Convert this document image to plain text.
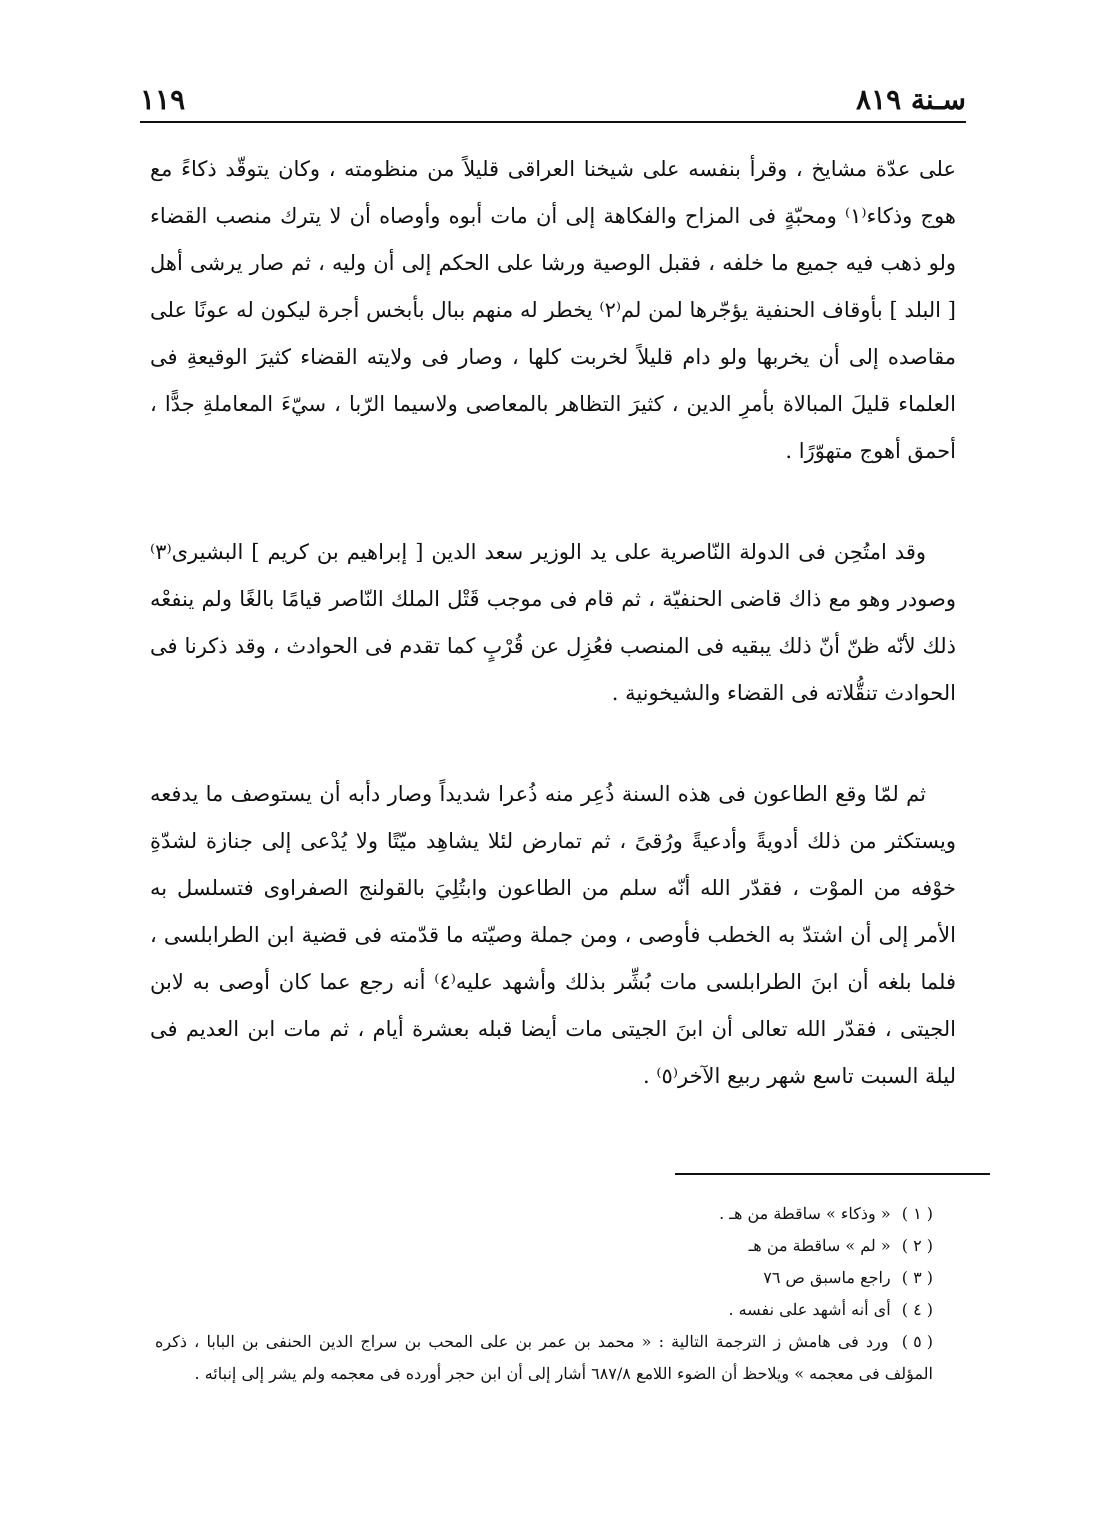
سـنة ٨١٩
١١٩

على عدّة مشايخ ، وقرأ بنفسه على شيخنا العراقى قليلاً من منظومته ، وكان يتوقّد ذكاءً مع هوج وذكاء⁽١⁾ ومحبّةٍ فى المزاح والفكاهة إلى أن مات أبوه وأوصاه أن لا يترك منصب القضاء ولو ذهب فيه جميع ما خلفه ، فقبل الوصية ورشا على الحكم إلى أن وليه ، ثم صار يرشى أهل [ البلد ] بأوقاف الحنفية يؤجّرها لمن لم⁽٢⁾ يخطر له منهم ببال بأبخس أجرة ليكون له عونًا على مقاصده إلى أن يخربها ولو دام قليلاً لخربت كلها ، وصار فى ولايته القضاء كثيرَ الوقيعةِ فى العلماء قليلَ المبالاة بأمرِ الدين ، كثيرَ التظاهر بالمعاصى ولاسيما الرّبا ، سيّءَ المعاملةِ جدًّا ، أحمق أهوج متهوّرًا .

وقد امتُحِن فى الدولة النّاصرية على يد الوزير سعد الدين [ إبراهيم بن كريم ] البشيرى⁽٣⁾ وصودر وهو مع ذاك قاضى الحنفيّة ، ثم قام فى موجب قَتْل الملك النّاصر قيامًا بالغًا ولم ينفعْه ذلك لأنّه ظنّ أنّ ذلك يبقيه فى المنصب فعُزِل عن قُرْبٍ كما تقدم فى الحوادث ، وقد ذكرنا فى الحوادث تنقُّلاته فى القضاء والشيخونية .

ثم لمّا وقع الطاعون فى هذه السنة ذُعِر منه ذُعرا شديداً وصار دأبه أن يستوصف ما يدفعه ويستكثر من ذلك أدويةً وأدعيةً ورُقىً ، ثم تمارض لئلا يشاهِد ميّتًا ولا يُدْعى إلى جنازة لشدّةِ خوْفه من الموْت ، فقدّر الله أنّه سلم من الطاعون وابتُلِيَ بالقولنج الصفراوى فتسلسل به الأمر إلى أن اشتدّ به الخطب فأوصى ، ومن جملة وصيّته ما قدّمته فى قضية ابن الطرابلسى ، فلما بلغه أن ابنَ الطرابلسى مات بُشِّر بذلك وأشهد عليه⁽٤⁾ أنه رجع عما كان أوصى به لابن الجيتى ، فقدّر الله تعالى أن ابنَ الجيتى مات أيضا قبله بعشرة أيام ، ثم مات ابن العديم فى ليلة السبت تاسع شهر ربيع الآخر⁽٥⁾ .

( ١ ) « وذكاء » ساقطة من هـ .

( ٢ ) « لم » ساقطة من هـ

( ٣ ) راجع ماسبق ص ٧٦

( ٤ ) أى أنه أشهد على نفسه .

( ٥ ) ورد فى هامش ز الترجمة التالية : « محمد بن عمر بن على المحب بن سراج الدين الحنفى بن البابا ، ذكره المؤلف فى معجمه » ويلاحظ أن الضوء اللامع ٦٨٧/٨ أشار إلى أن ابن حجر أورده فى معجمه ولم يشر إلى إنبائه .
